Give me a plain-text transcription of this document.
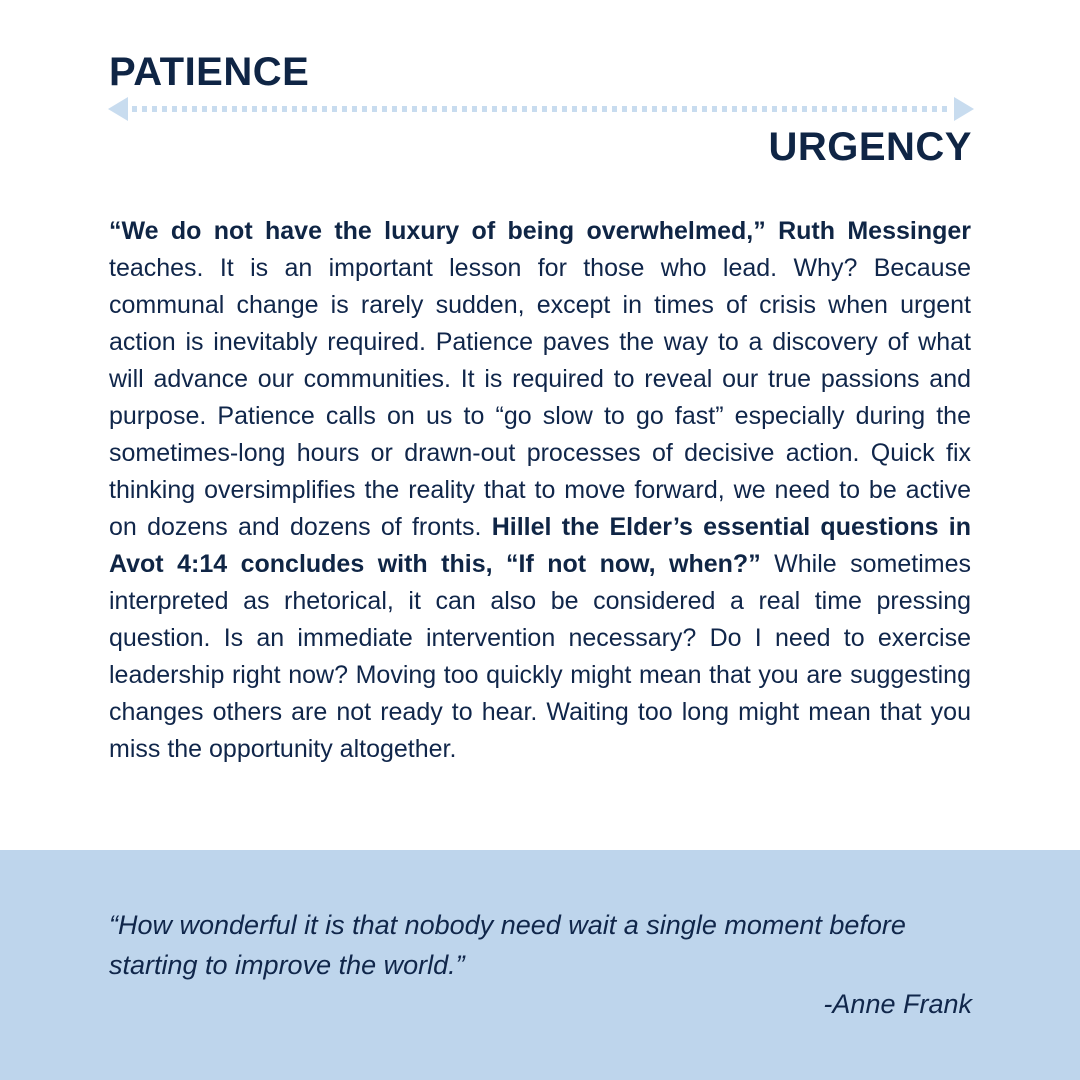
PATIENCE
URGENCY

“We do not have the luxury of being overwhelmed,” Ruth Messinger teaches. It is an important lesson for those who lead. Why? Because communal change is rarely sudden, except in times of crisis when urgent action is inevitably required. Patience paves the way to a discovery of what will advance our communities. It is required to reveal our true passions and purpose. Patience calls on us to “go slow to go fast” especially during the sometimes-long hours or drawn-out processes of decisive action. Quick fix thinking oversimplifies the reality that to move forward, we need to be active on dozens and dozens of fronts. Hillel the Elder’s essential questions in Avot 4:14 concludes with this, “If not now, when?” While sometimes interpreted as rhetorical, it can also be considered a real time pressing question. Is an immediate intervention necessary? Do I need to exercise leadership right now? Moving too quickly might mean that you are suggesting changes others are not ready to hear. Waiting too long might mean that you miss the opportunity altogether.

“How wonderful it is that nobody need wait a single moment before starting to improve the world.”

-Anne Frank
